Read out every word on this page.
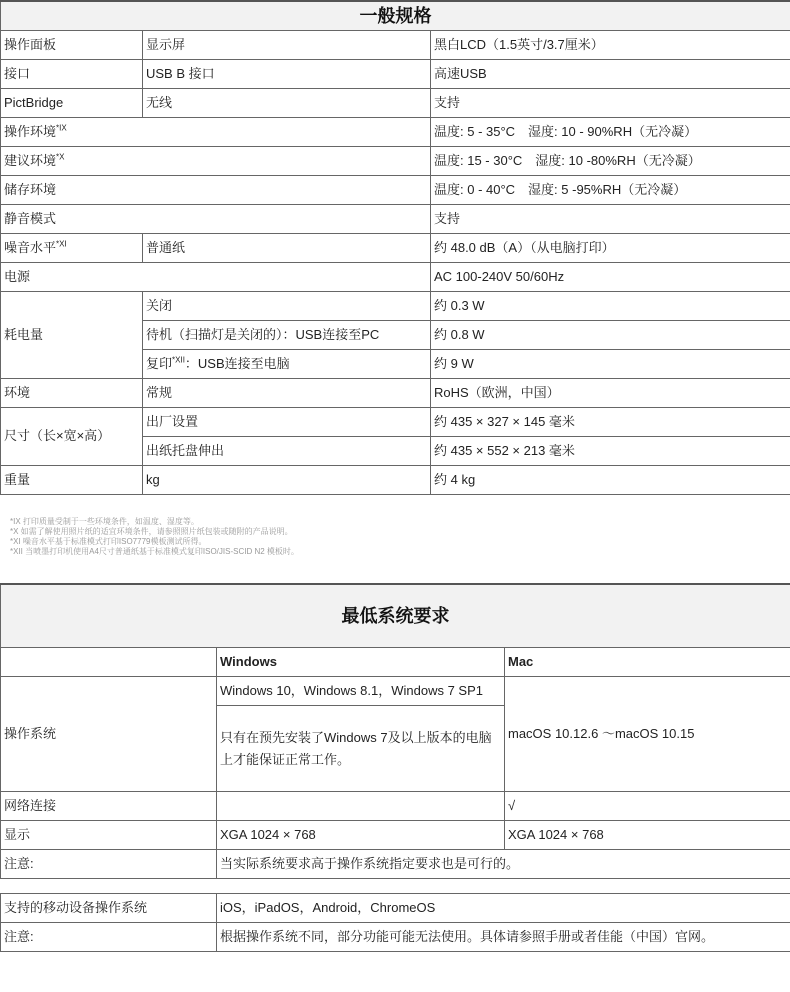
一般规格		
操作面板	显示屏	黑白LCD（1.5英寸/3.7厘米）
接口	USB B 接口	高速USB
PictBridge	无线	支持
操作环境$^{*IX}$		温度: 5 - 35°C　湿度: 10 - 90%RH（无冷凝）
建议环境$^{*X}$		温度: 15 - 30°C　湿度: 10 -80%RH（无冷凝）
储存环境		温度: 0 - 40°C　湿度: 5 -95%RH（无冷凝）
静音模式		支持
噪音水平$^{*XI}$	普通纸	约 48.0 dB（A）（从电脑打印）
电源		AC 100-240V 50/60Hz
耗电量	关闭	约 0.3 W
	待机（扫描灯是关闭的）：USB连接至PC	约 0.8 W
	复印$^{*XII}$：USB连接至电脑	约 9 W
环境	常规	RoHS（欧洲，中国）
尺寸（长×宽×高）	出厂设置	约 435 × 327 × 145 毫米
	出纸托盘伸出	约 435 × 552 × 213 毫米
重量	kg	约 4 kg
*IX 打印质量受制于一些环境条件，如温度、湿度等。
*X 如需了解使用照片纸的适宜环境条件，请参照照片纸包装或随附的产品说明。
*XI 噪音水平基于标准模式打印ISO7779模板测试所得。
*XII 当喷墨打印机使用A4尺寸普通纸基于标准模式复印ISO/JIS-SCID N2 模板时。
最低系统要求		
	Windows	Mac
操作系统	Windows 10，Windows 8.1，Windows 7 SP1	macOS 10.12.6 ～macOS 10.15
	只有在预先安装了Windows 7及以上版本的电脑上才能保证正常工作。	
网络连接		√
显示	XGA 1024 × 768	XGA 1024 × 768
注意:	当实际系统要求高于操作系统指定要求也是可行的。	
支持的移动设备操作系统	iOS，iPadOS，Android，ChromeOS
注意:	根据操作系统不同，部分功能可能无法使用。具体请参照手册或者佳能（中国）官网。
